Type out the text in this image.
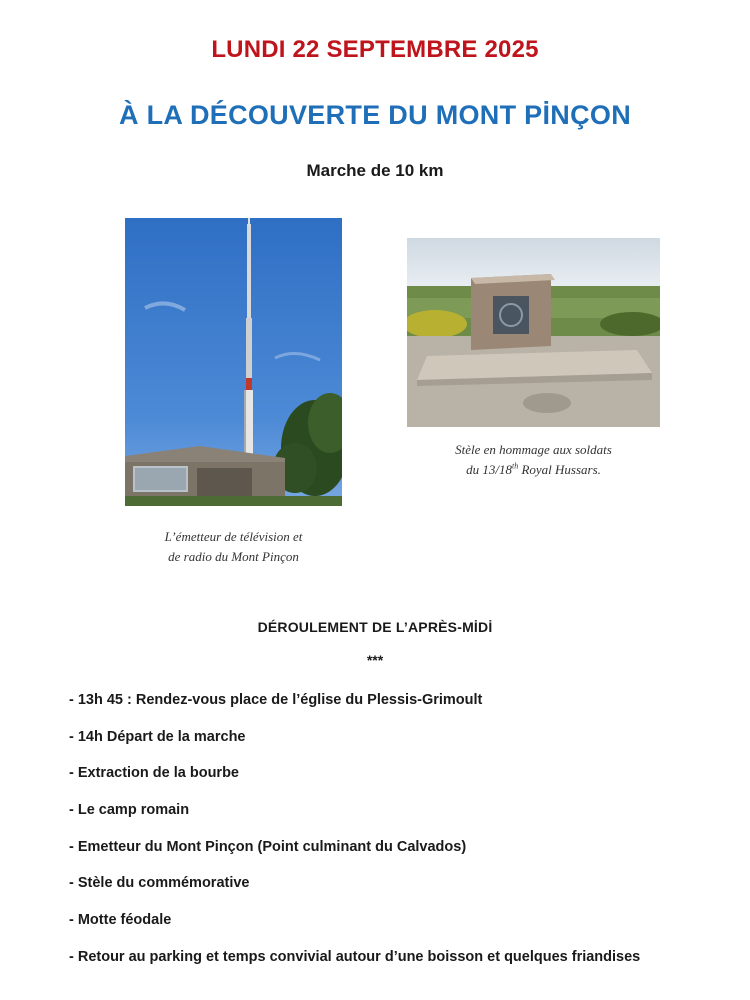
LUNDI 22 SEPTEMBRE 2025
À LA DÉCOUVERTE DU MONT PİNÇON
Marche de 10 km
L’émetteur de télévision et
de radio du Mont Pinçon
Stèle en hommage aux soldats
du 13/18th Royal Hussars.
DÉROULEMENT DE L’APRÈS-MİDİ
***
- 13h 45 : Rendez-vous place de l’église du Plessis-Grimoult
- 14h Départ de la marche
- Extraction de la bourbe
- Le camp romain
- Emetteur du Mont Pinçon (Point culminant du Calvados)
- Stèle du commémorative
- Motte féodale
- Retour au parking et temps convivial autour d’une boisson et quelques friandises
